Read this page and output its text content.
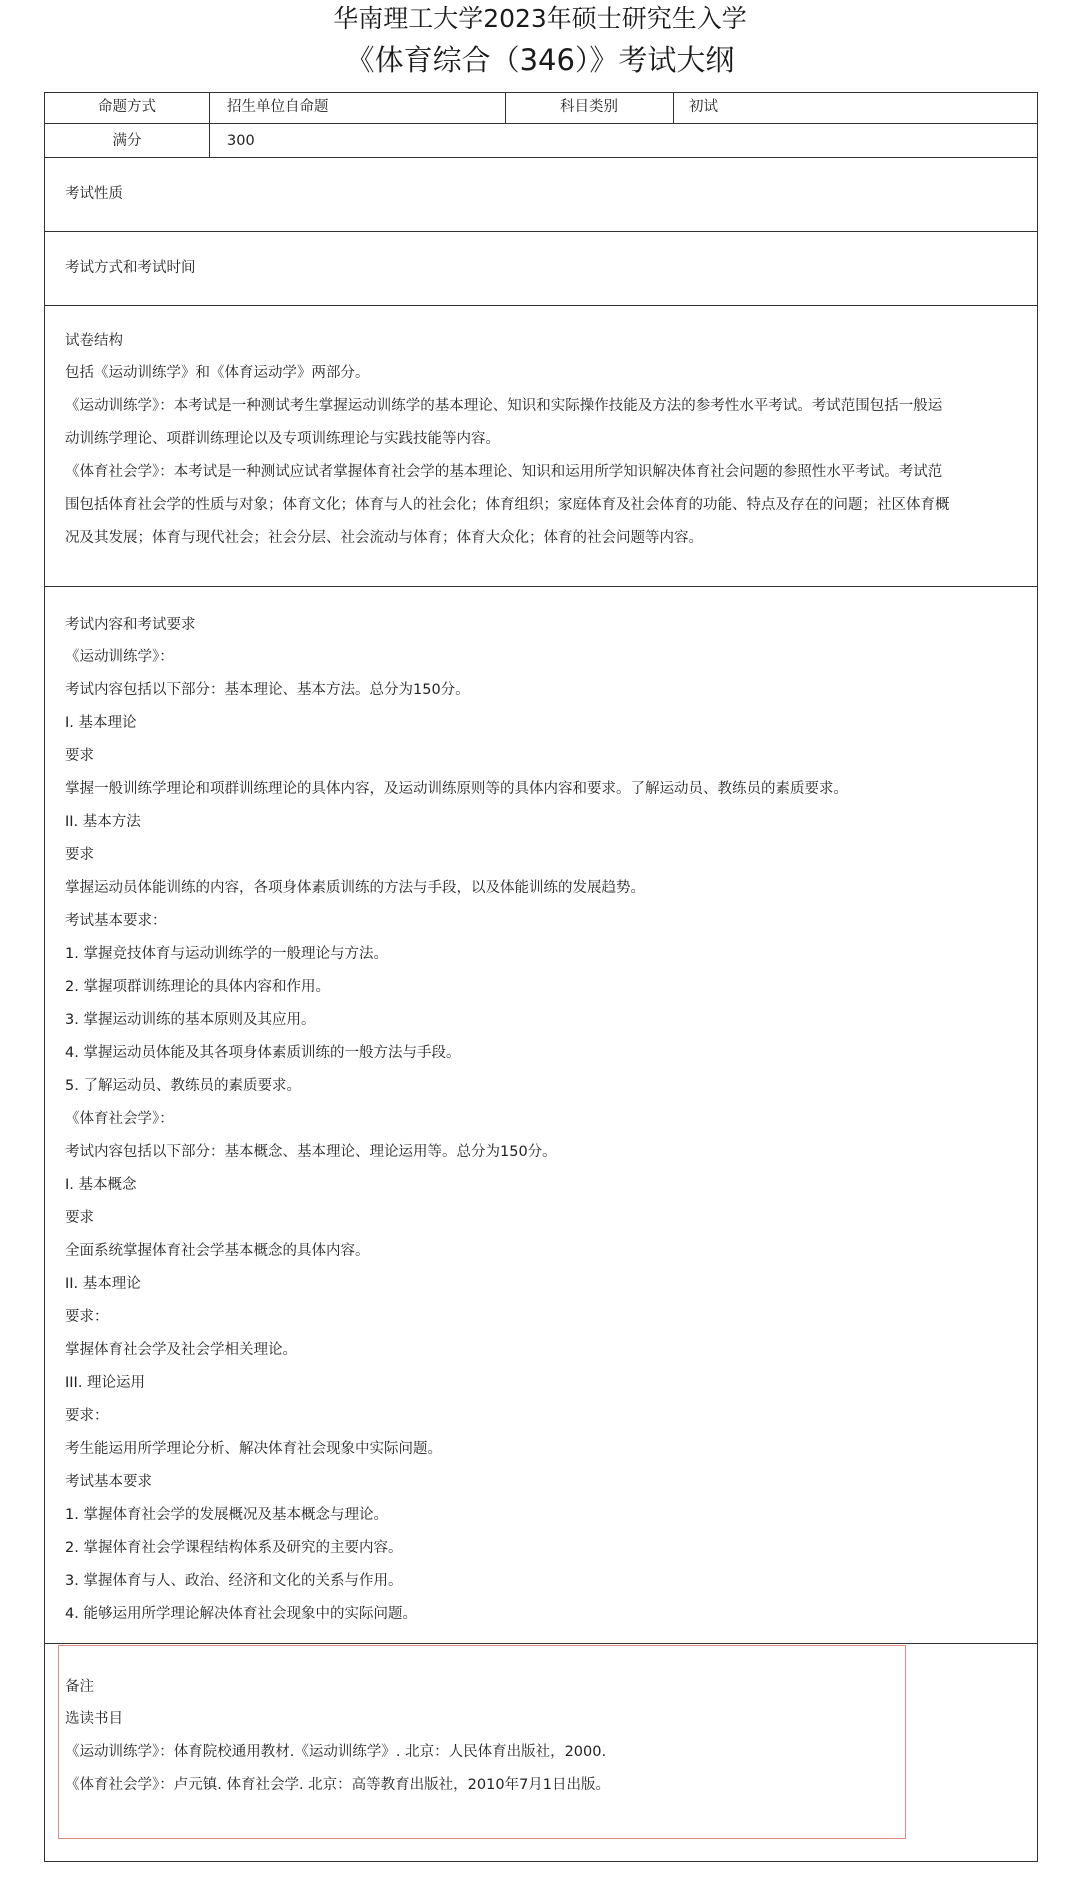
华南理工大学2023年硕士研究生入学
《体育综合（346）》考试大纲
命题方式	招生单位自命题	科目类别	初试
满分	300
考试性质
考试方式和考试时间
试卷结构
包括《运动训练学》和《体育运动学》两部分。
《运动训练学》：本考试是一种测试考生掌握运动训练学的基本理论、知识和实际操作技能及方法的参考性水平考试。考试范围包括一般运
动训练学理论、项群训练理论以及专项训练理论与实践技能等内容。
《体育社会学》：本考试是一种测试应试者掌握体育社会学的基本理论、知识和运用所学知识解决体育社会问题的参照性水平考试。考试范
围包括体育社会学的性质与对象；体育文化；体育与人的社会化；体育组织；家庭体育及社会体育的功能、特点及存在的问题；社区体育概
况及其发展；体育与现代社会；社会分层、社会流动与体育；体育大众化；体育的社会问题等内容。
考试内容和考试要求
《运动训练学》：
考试内容包括以下部分：基本理论、基本方法。总分为150分。
I. 基本理论
要求
掌握一般训练学理论和项群训练理论的具体内容，及运动训练原则等的具体内容和要求。了解运动员、教练员的素质要求。
II. 基本方法
要求
掌握运动员体能训练的内容，各项身体素质训练的方法与手段，以及体能训练的发展趋势。
考试基本要求：
1. 掌握竞技体育与运动训练学的一般理论与方法。
2. 掌握项群训练理论的具体内容和作用。
3. 掌握运动训练的基本原则及其应用。
4. 掌握运动员体能及其各项身体素质训练的一般方法与手段。
5. 了解运动员、教练员的素质要求。
《体育社会学》：
考试内容包括以下部分：基本概念、基本理论、理论运用等。总分为150分。
I. 基本概念
要求
全面系统掌握体育社会学基本概念的具体内容。
II. 基本理论
要求：
掌握体育社会学及社会学相关理论。
III. 理论运用
要求：
考生能运用所学理论分析、解决体育社会现象中实际问题。
考试基本要求
1. 掌握体育社会学的发展概况及基本概念与理论。
2. 掌握体育社会学课程结构体系及研究的主要内容。
3. 掌握体育与人、政治、经济和文化的关系与作用。
4. 能够运用所学理论解决体育社会现象中的实际问题。
备注
选读书目
《运动训练学》：体育院校通用教材.《运动训练学》. 北京：人民体育出版社，2000.
《体育社会学》：卢元镇. 体育社会学. 北京：高等教育出版社，2010年7月1日出版。
